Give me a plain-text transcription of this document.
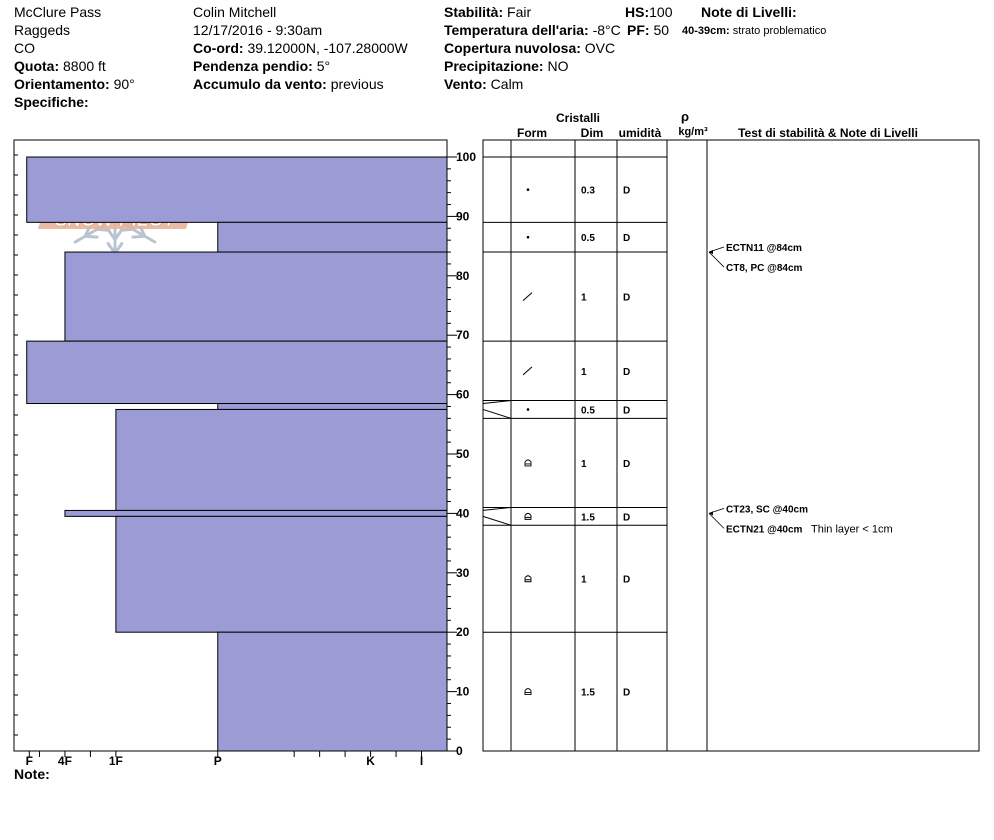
McClure Pass
Raggeds
CO
Quota: 8800 ft
Orientamento: 90°
Specifiche:
Colin Mitchell
12/17/2016 - 9:30am
Co-ord: 39.12000N, -107.28000W
Pendenza pendio: 5°
Accumulo da vento: previous
Stabilità: Fair
Temperatura dell'aria: -8°C
Copertura nuvolosa: OVC
Precipitazione: NO
Vento: Calm
HS:100
PF: 50
Note di Livelli:
40-39cm: strato problematico
Note:
I
K
P
1F
4F
F
0
10
20
30
40
50
60
70
80
90
100
Cristalli
Form	Dim umidità
ρ
kg/m³	Test di stabilità & Note di Livelli
0.3	D
0.5	D
1	D
1	D
0.5	D
1	D
1.5	D
1	D
1.5	D
CT23, SC @40cm
ECTN21 @40cm Thin layer < 1cm
ECTN11 @84cm
CT8, PC @84cm
